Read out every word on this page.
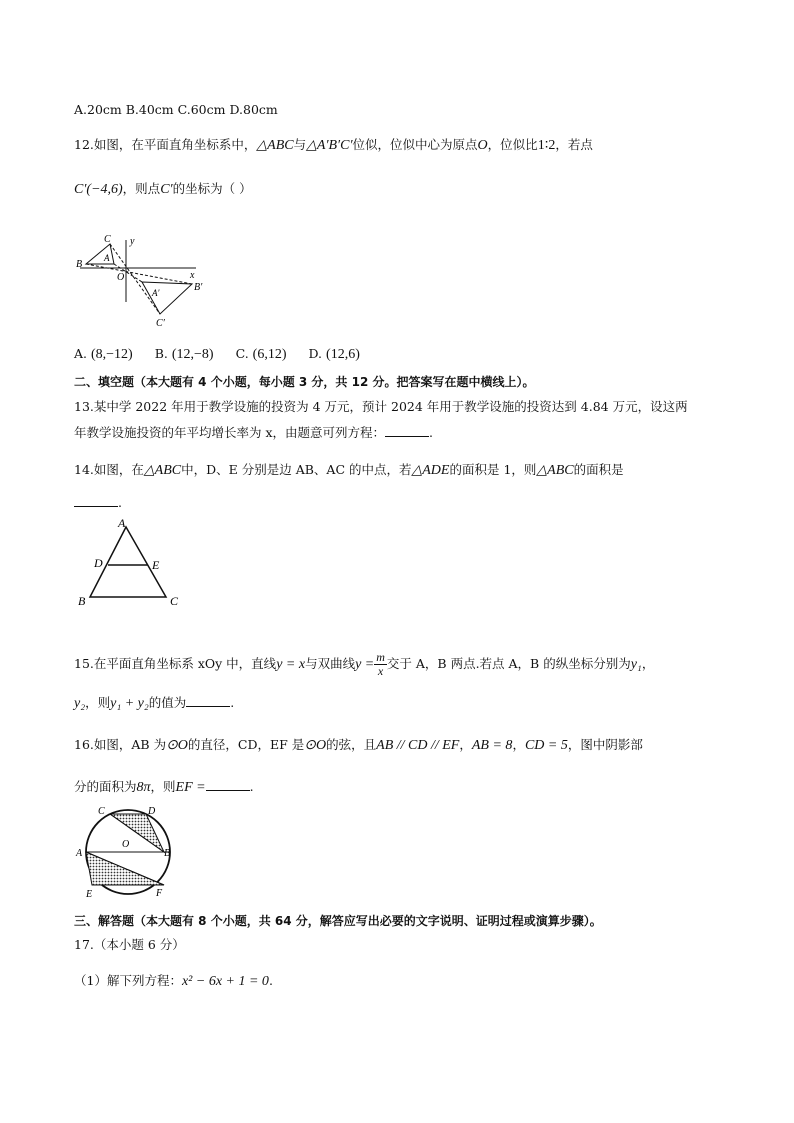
A.20cm B.40cm C.60cm D.80cm
12.如图，在平面直角坐标系中，△ABC与△A′B′C′位似，位似中心为原点O，位似比1∶2，若点
C′(−4,6)，则点C′的坐标为（ ）
C y
B
A
O	x
A′	B′
C′
A. (8,−12) B. (12,−8) C. (6,12) D. (12,6)
二、填空题（本大题有 4 个小题，每小题 3 分，共 12 分。把答案写在题中横线上）。
13.某中学 2022 年用于教学设施的投资为 4 万元，预计 2024 年用于教学设施的投资达到 4.84 万元，设这两
年教学设施投资的年平均增长率为 x，由题意可列方程：	.
14.如图，在△ABC中，D、E 分别是边 AB、AC 的中点，若△ADE的面积是 1，则△ABC的面积是
.
A
D	E
B	C
15.在平面直角坐标系 xOy 中，直线y = x与双曲线$y = \frac{m}{x}$ 交于 A，B 两点.若点 A，B 的纵坐标分别为y₁，
y₂，则y₁ + y₂的值为	.
16.如图，AB 为⊙O的直径，CD，EF 是⊙O的弦，且AB // CD // EF，AB = 8，CD = 5，图中阴影部
分的面积为8π，则EF =	.
C	D
A
O
B
E	F
三、解答题（本大题有 8 个小题，共 64 分，解答应写出必要的文字说明、证明过程或演算步骤）。
17.（本小题 6 分）
（1）解下列方程：x² − 6x + 1 = 0.
